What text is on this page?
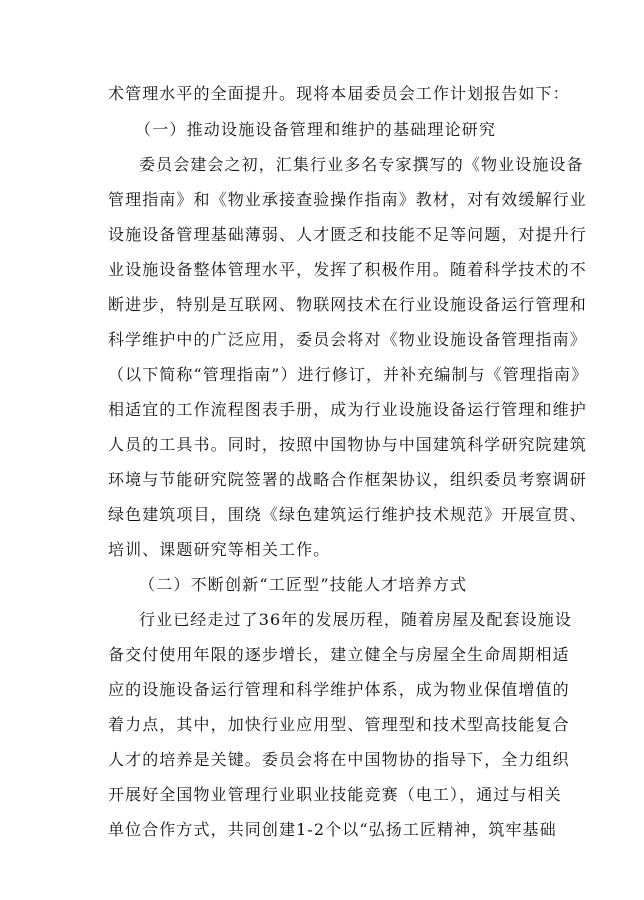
术管理水平的全面提升。现将本届委员会工作计划报告如下：
（一）推动设施设备管理和维护的基础理论研究
委员会建会之初，汇集行业多名专家撰写的《物业设施设备
管理指南》和《物业承接查验操作指南》教材，对有效缓解行业
设施设备管理基础薄弱、人才匮乏和技能不足等问题，对提升行
业设施设备整体管理水平，发挥了积极作用。随着科学技术的不
断进步，特别是互联网、物联网技术在行业设施设备运行管理和
科学维护中的广泛应用，委员会将对《物业设施设备管理指南》
（以下简称“管理指南”）进行修订，并补充编制与《管理指南》
相适宜的工作流程图表手册，成为行业设施设备运行管理和维护
人员的工具书。同时，按照中国物协与中国建筑科学研究院建筑
环境与节能研究院签署的战略合作框架协议，组织委员考察调研
绿色建筑项目，围绕《绿色建筑运行维护技术规范》开展宣贯、
培训、课题研究等相关工作。
（二）不断创新“工匠型”技能人才培养方式
行业已经走过了36年的发展历程，随着房屋及配套设施设
备交付使用年限的逐步增长，建立健全与房屋全生命周期相适
应的设施设备运行管理和科学维护体系，成为物业保值增值的
着力点，其中，加快行业应用型、管理型和技术型高技能复合
人才的培养是关键。委员会将在中国物协的指导下，全力组织
开展好全国物业管理行业职业技能竞赛（电工），通过与相关
单位合作方式，共同创建1-2个以“弘扬工匠精神，筑牢基础
